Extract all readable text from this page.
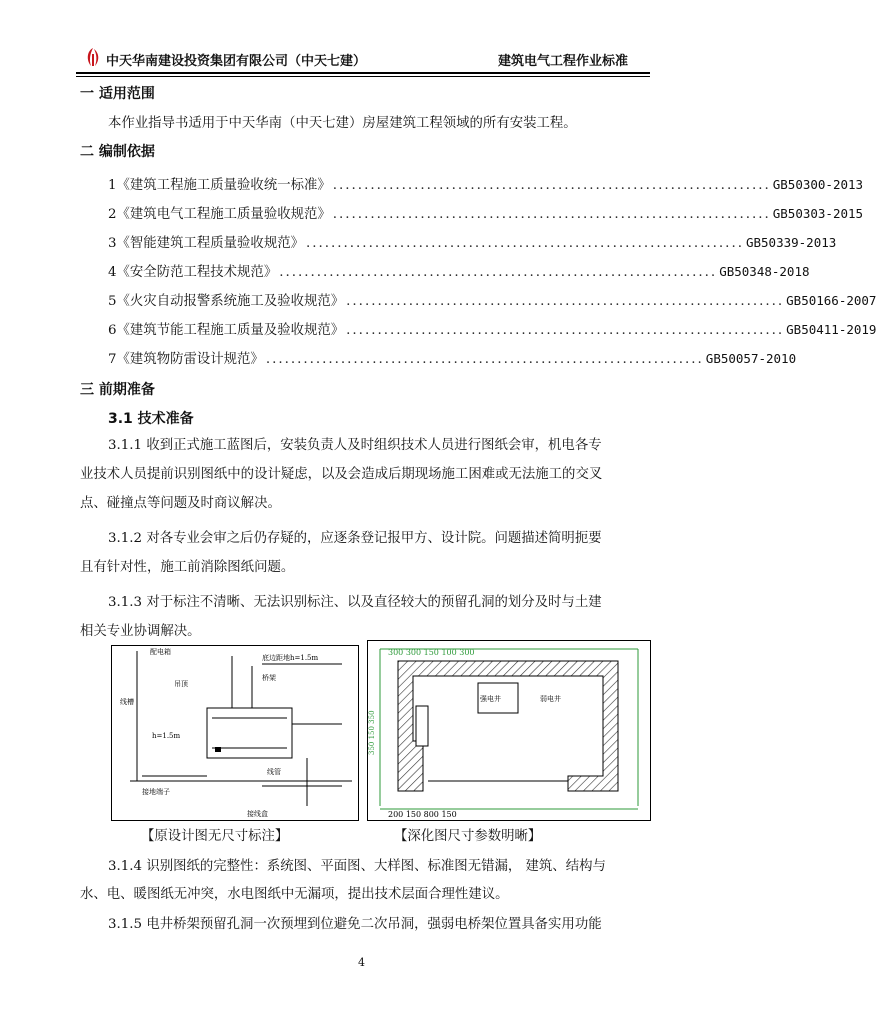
中天华南建设投资集团有限公司（中天七建）	建筑电气工程作业标准
一 适用范围
本作业指导书适用于中天华南（中天七建）房屋建筑工程领域的所有安装工程。
二 编制依据
1《建筑工程施工质量验收统一标准》 ...................................................................... GB50300-2013
2《建筑电气工程施工质量验收规范》 ...................................................................... GB50303-2015
3《智能建筑工程质量验收规范》 ...................................................................... GB50339-2013
4《安全防范工程技术规范》 ...................................................................... GB50348-2018
5《火灾自动报警系统施工及验收规范》 ...................................................................... GB50166-2007
6《建筑节能工程施工质量及验收规范》 ...................................................................... GB50411-2019
7《建筑物防雷设计规范》 ...................................................................... GB50057-2010
三 前期准备
3.1 技术准备
3.1.1 收到正式施工蓝图后，安装负责人及时组织技术人员进行图纸会审，机电各专
业技术人员提前识别图纸中的设计疑虑，以及会造成后期现场施工困难或无法施工的交叉
点、碰撞点等问题及时商议解决。
3.1.2 对各专业会审之后仍存疑的，应逐条登记报甲方、设计院。问题描述简明扼要
且有针对性，施工前消除图纸问题。
3.1.3 对于标注不清晰、无法识别标注、以及直径较大的预留孔洞的划分及时与土建
相关专业协调解决。
配电箱
底边距地h=1.5m
吊顶
桥架
线槽
h=1.5m
线管
接地端子
接线盒
300 300 150 100 300
强电井	弱电井
200 150 800 150
350 150 350
【原设计图无尺寸标注】	【深化图尺寸参数明晰】
3.1.4 识别图纸的完整性：系统图、平面图、大样图、标准图无错漏， 建筑、结构与
水、电、暖图纸无冲突，水电图纸中无漏项，提出技术层面合理性建议。
3.1.5 电井桥架预留孔洞一次预埋到位避免二次吊洞，强弱电桥架位置具备实用功能
4
